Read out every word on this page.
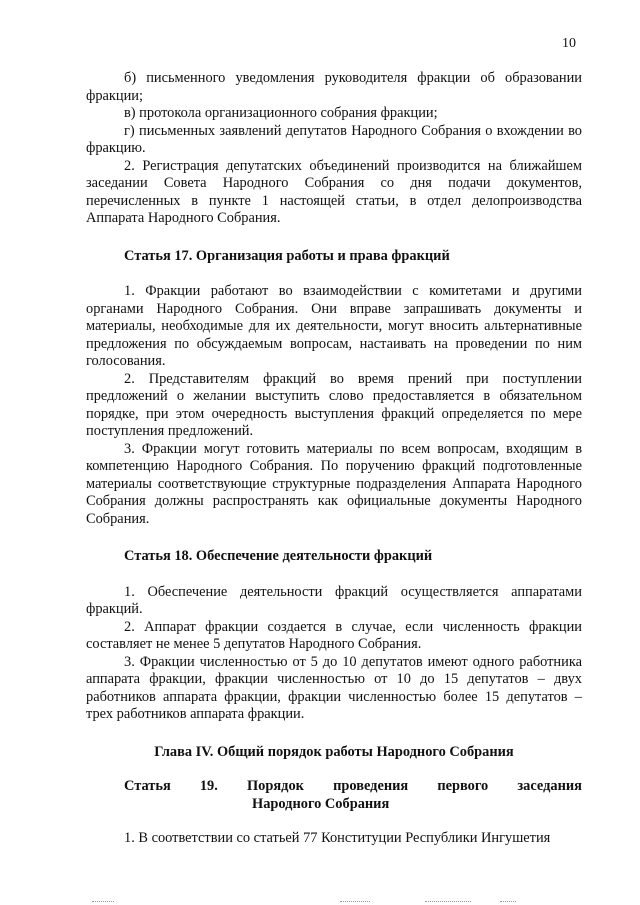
10

б) письменного уведомления руководителя фракции об образовании фракции;

в) протокола организационного собрания фракции;

г) письменных заявлений депутатов Народного Собрания о вхождении во фракцию.

2. Регистрация депутатских объединений производится на ближайшем заседании Совета Народного Собрания со дня подачи документов, перечисленных в пункте 1 настоящей статьи, в отдел делопроизводства Аппарата Народного Собрания.

Статья 17. Организация работы и права фракций

1. Фракции работают во взаимодействии с комитетами и другими органами Народного Собрания. Они вправе запрашивать документы и материалы, необходимые для их деятельности, могут вносить альтернативные предложения по обсуждаемым вопросам, настаивать на проведении по ним голосования.

2. Представителям фракций во время прений при поступлении предложений о желании выступить слово предоставляется в обязательном порядке, при этом очередность выступления фракций определяется по мере поступления предложений.

3. Фракции могут готовить материалы по всем вопросам, входящим в компетенцию Народного Собрания. По поручению фракций подготовленные материалы соответствующие структурные подразделения Аппарата Народного Собрания должны распространять как официальные документы Народного Собрания.

Статья 18. Обеспечение деятельности фракций

1. Обеспечение деятельности фракций осуществляется аппаратами фракций.

2. Аппарат фракции создается в случае, если численность фракции составляет не менее 5 депутатов Народного Собрания.

3. Фракции численностью от 5 до 10 депутатов имеют одного работника аппарата фракции, фракции численностью от 10 до 15 депутатов – двух работников аппарата фракции, фракции численностью более 15 депутатов – трех работников аппарата фракции.

Глава IV. Общий порядок работы Народного Собрания

Статья 19. Порядок проведения первого заседания

Народного Собрания

1. В соответствии со статьей 77 Конституции Республики Ингушетия
